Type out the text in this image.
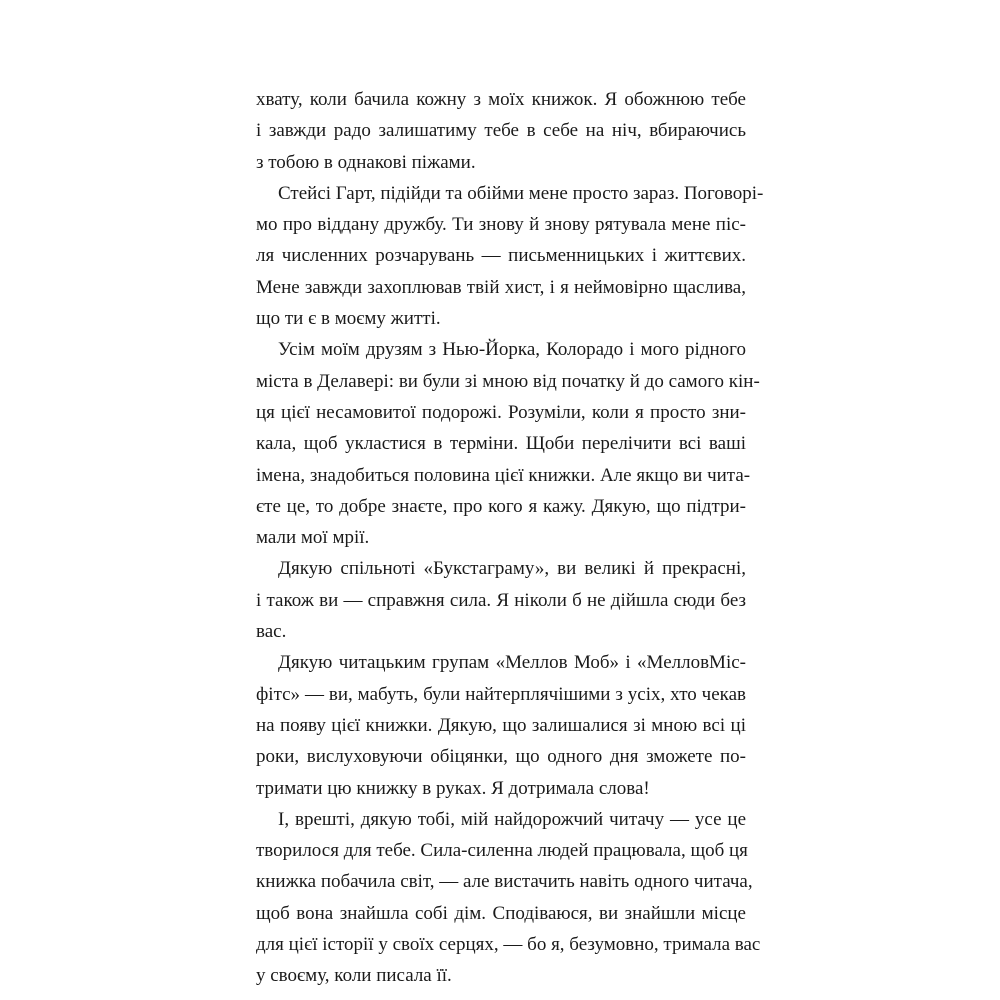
хвату, коли бачила кожну з моїх книжок. Я обожнюю тебе
і завжди радо залишатиму тебе в себе на ніч, вбираючись
з тобою в однакові піжами.
Стейсі Гарт, підійди та обійми мене просто зараз. Поговорі-
мо про віддану дружбу. Ти знову й знову рятувала мене піс-
ля численних розчарувань — письменницьких і життєвих.
Мене завжди захоплював твій хист, і я неймовірно щаслива,
що ти є в моєму житті.
Усім моїм друзям з Нью-Йорка, Колорадо і мого рідного
міста в Делавері: ви були зі мною від початку й до самого кін-
ця цієї несамовитої подорожі. Розуміли, коли я просто зни-
кала, щоб укластися в терміни. Щоби перелічити всі ваші
імена, знадобиться половина цієї книжки. Але якщо ви чита-
єте це, то добре знаєте, про кого я кажу. Дякую, що підтри-
мали мої мрії.
Дякую спільноті «Букстаграму», ви великі й прекрасні,
і також ви — справжня сила. Я ніколи б не дійшла сюди без
вас.
Дякую читацьким групам «Меллов Моб» і «МелловМіс-
фітс» — ви, мабуть, були найтерплячішими з усіх, хто чекав
на появу цієї книжки. Дякую, що залишалися зі мною всі ці
роки, вислуховуючи обіцянки, що одного дня зможете по-
тримати цю книжку в руках. Я дотримала слова!
І, врешті, дякую тобі, мій найдорожчий читачу — усе це
творилося для тебе. Сила-силенна людей працювала, щоб ця
книжка побачила світ, — але вистачить навіть одного читача,
щоб вона знайшла собі дім. Сподіваюся, ви знайшли місце
для цієї історії у своїх серцях, — бо я, безумовно, тримала вас
у своєму, коли писала її.
